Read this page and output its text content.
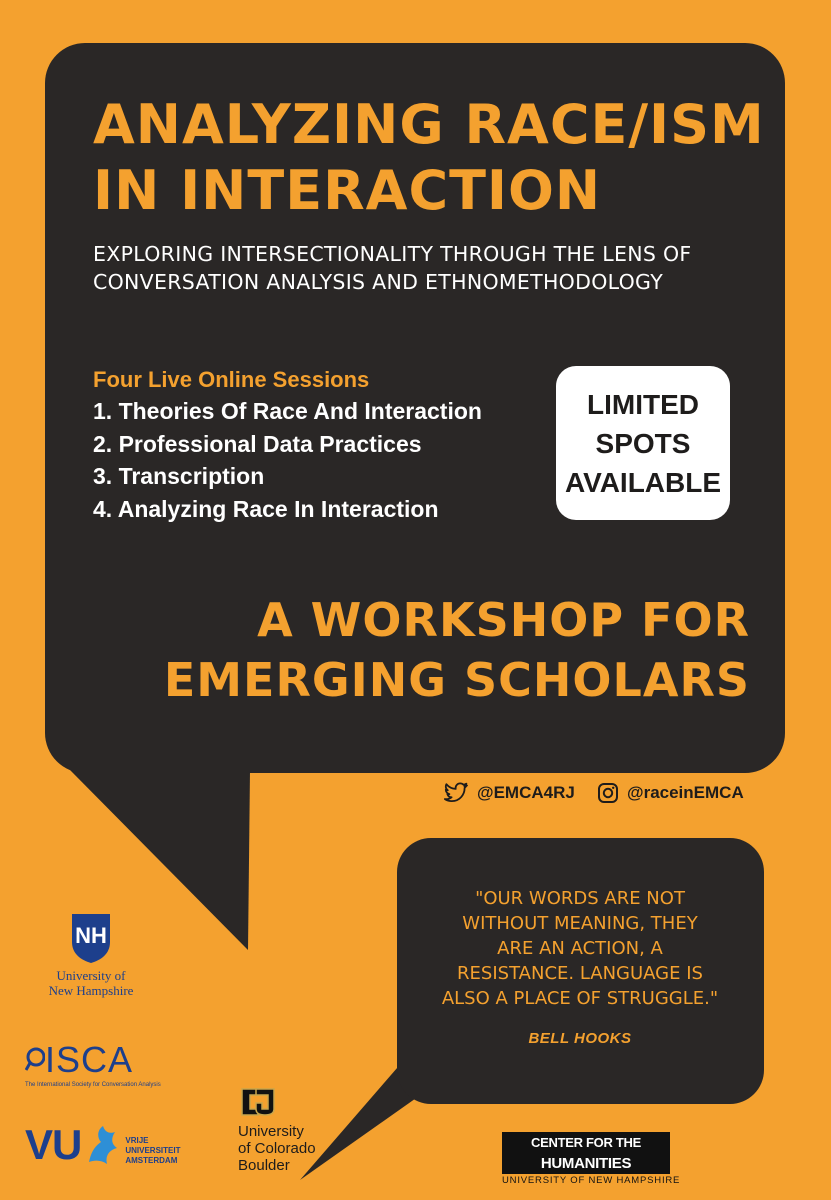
ANALYZING RACE/ISM
IN INTERACTION

EXPLORING INTERSECTIONALITY THROUGH THE LENS OF
CONVERSATION ANALYSIS AND ETHNOMETHODOLOGY

Four Live Online Sessions
1. Theories Of Race And Interaction
2. Professional Data Practices
3. Transcription
4. Analyzing Race In Interaction
LIMITED
SPOTS
AVAILABLE
A WORKSHOP FOR
EMERGING SCHOLARS
@EMCA4RJ	@raceinEMCA
"OUR WORDS ARE NOT
WITHOUT MEANING, THEY
ARE AN ACTION, A
RESISTANCE. LANGUAGE IS
ALSO A PLACE OF STRUGGLE."
BELL HOOKS
NH
University of
New Hampshire
ISCA
The International Society for Conversation Analysis
VU	VRIJE
UNIVERSITEIT
AMSTERDAM
University
of Colorado
Boulder
CENTER FOR THE HUMANITIES
UNIVERSITY OF NEW HAMPSHIRE
